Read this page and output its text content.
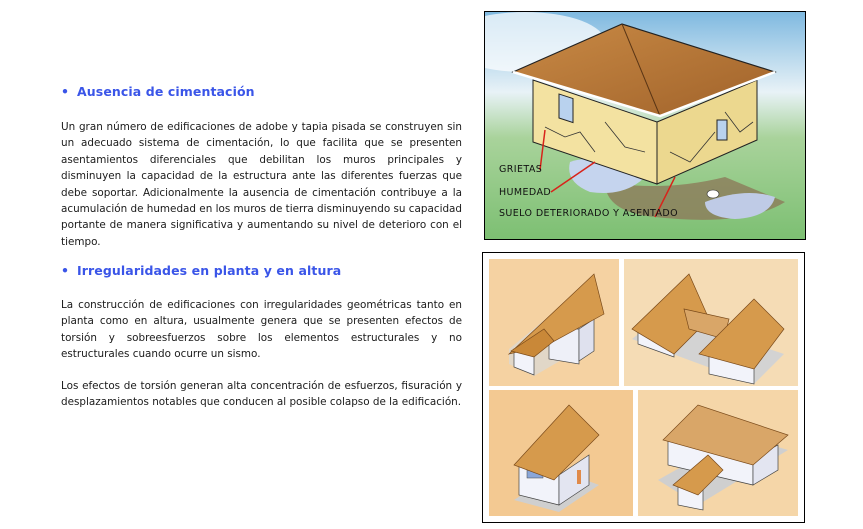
• Ausencia de cimentación

Un gran número de edificaciones de adobe y tapia pisada se construyen sin un adecuado sistema de cimentación, lo que facilita que se presenten asentamientos diferenciales que debilitan los muros principales y disminuyen la capacidad de la estructura ante las diferentes fuerzas que debe soportar. Adicionalmente la ausencia de cimentación contribuye a la acumulación de humedad en los muros de tierra disminuyendo su capacidad portante de manera significativa y aumentando su nivel de deterioro con el tiempo.

• Irregularidades en planta y en altura

La construcción de edificaciones con irregularidades geométricas tanto en planta como en altura, usualmente genera que se presenten efectos de torsión y sobreesfuerzos sobre los elementos estructurales y no estructurales cuando ocurre un sismo.

Los efectos de torsión generan alta concentración de esfuerzos, fisuración y desplazamientos notables que conducen al posible colapso de la edificación.

GRIETAS
HUMEDAD
SUELO DETERIORADO Y ASENTADO
